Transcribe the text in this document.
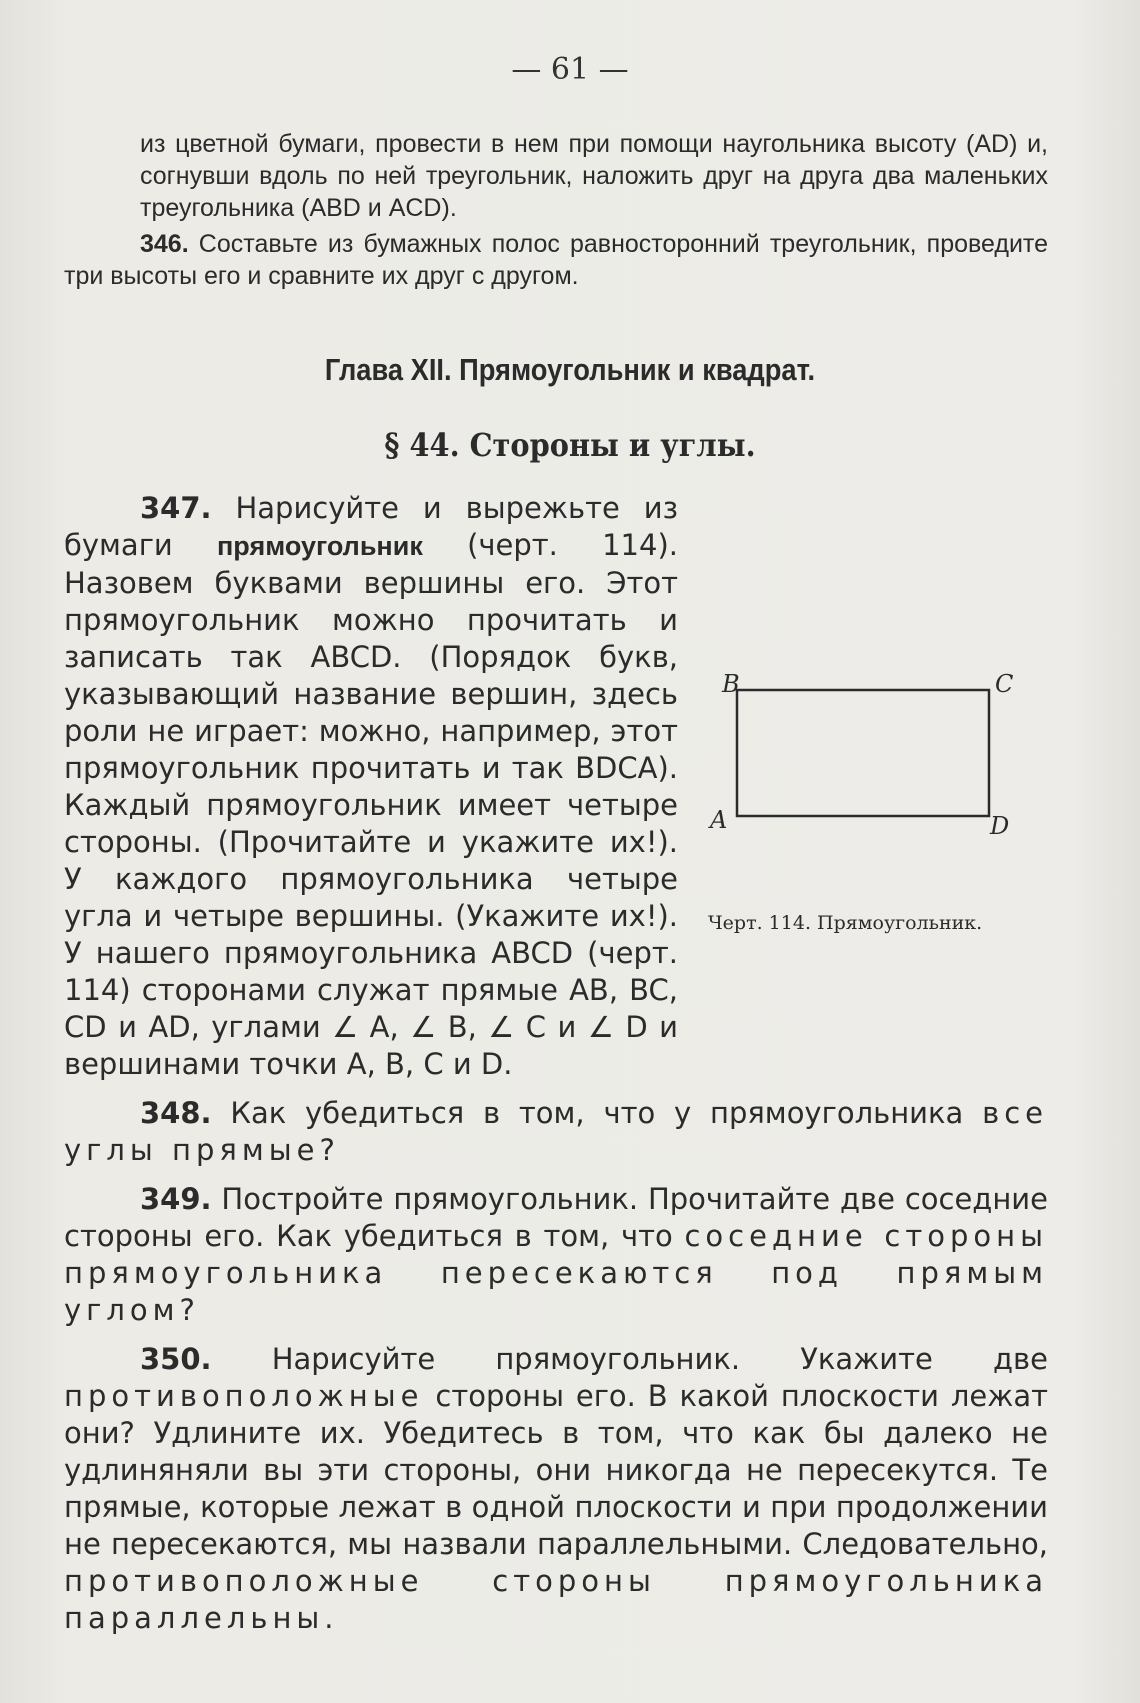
— 61 —

из цветной бумаги, провести в нем при помощи наугольника высоту (AD) и, согнувши вдоль по ней треугольник, наложить друг на друга два маленьких треугольника (ABD и ACD).

346. Составьте из бумажных полос равносторонний треугольник, проведите три высоты его и сравните их друг с другом.

Глава XII. Прямоугольник и квадрат.
§ 44. Стороны и углы.
B	C
A	D
Черт. 114. Прямоугольник.

347. Нарисуйте и вырежьте из бумаги прямоугольник (черт. 114). Назовем буквами вершины его. Этот прямоугольник можно прочитать и записать так ABCD. (Порядок букв, указывающий название вершин, здесь роли не играет: можно, например, этот прямоугольник прочитать и так BDCA). Каждый прямоугольник имеет четыре стороны. (Прочитайте и укажите их!). У каждого прямоугольника четыре угла и четыре вершины. (Укажите их!). У нашего прямоугольника ABCD (черт. 114) сторонами служат прямые AB, BC, CD и AD, углами ∠ A, ∠ B, ∠ C и ∠ D и вершинами точки A, B, C и D.

348. Как убедиться в том, что у прямоугольника все углы прямые?

349. Постройте прямоугольник. Прочитайте две соседние стороны его. Как убедиться в том, что соседние стороны прямоугольника пересекаются под прямым углом?

350. Нарисуйте прямоугольник. Укажите две противоположные стороны его. В какой плоскости лежат они? Удлините их. Убедитесь в том, что как бы далеко не удлиняняли вы эти стороны, они никогда не пересекутся. Те прямые, которые лежат в одной плоскости и при продолжении не пересекаются, мы назвали параллельными. Следовательно, противоположные стороны прямоугольника параллельны.
